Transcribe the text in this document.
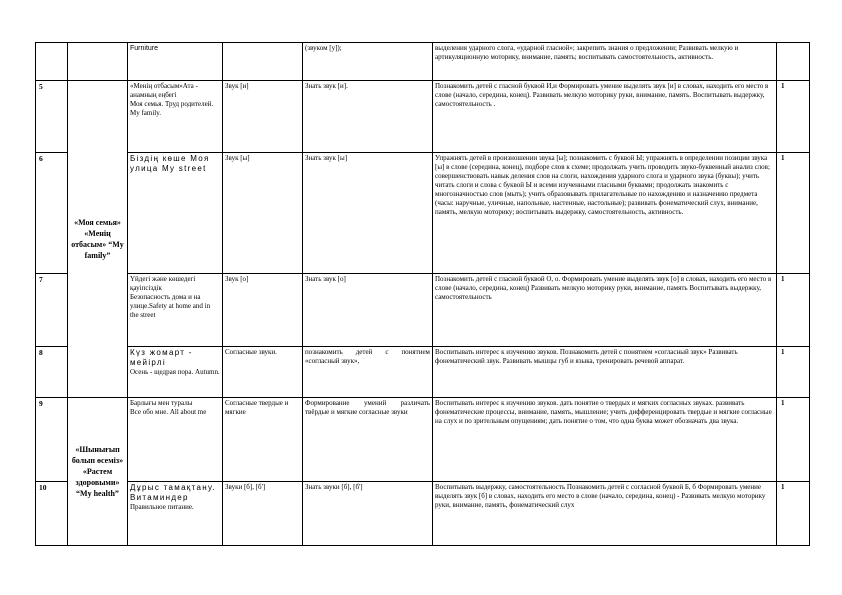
		Furniture		(звуком [у]);	выделения ударного слога, «ударной гласной»; закрепить знания о предложении; Развивать мелкую и артикуляционную моторику, внимание, память; воспитывать самостоятельность, активность.	
5	«Моя семья» «Менің отбасым» “My family”	«Менің отбасым»Ата - анамның еңбегі
Моя семья. Труд родителей. My family.	Звук [и]	Знать звук [и].	Познакомить детей с гласной буквой И,и Формировать умение выделять звук [и] в словах, находить его место в слове (начало, середина, конец). Развивать мелкую моторику руки, внимание, память. Воспитывать выдержку, самостоятельность .	1
6		Біздің көше Моя улица My street	Звук [ы]	Знать звук [ы]	Упражнять детей в произношении звука [ы]; познакомить с буквой Ы; упражнять в определении позиции звука [ы] в слове (середина, конец), подборе слов к схеме; продолжать учить проводить звуко-буквенный анализ слов; совершенствовать навык деления слов на слоги, нахождения ударного слога и ударного звука (буквы); учить читать слоги и слова с буквой Ы и всеми изученными гласными буквами; продолжать знакомить с многозначностью слов (мыть); учить образовывать прилагательные по нахождению и назначению предмета (часы: наручные, уличные, напольные, настенные, настольные); развивать фонематический слух, внимание, память, мелкую моторику; воспитывать выдержку, самостоятельность, активность.	1
7		Үйдегі және көшедегі қауіпсіздік
Безопасность дома и на улице.Safety at home and in the street	Звук [о]	Знать звук [о]	Познакомить детей с гласной буквой О, о. Формировать умение выделять звук [о] в словах, находить его место в слове (начало, середина, конец) Развивать мелкую моторику руки, внимание, память Воспитывать выдержку, самостоятельность	1
8		Күз жомарт - мейірлі
Осень - щедрая пора. Autumn.	Согласные звуки.	познакомить детей с понятием «согласный звук»,	Воспитывать интерес к изучению звуков. Познакомить детей с понятием «согласный звук» Развивать фонематический звук. Развивать мышцы губ и языка, тренировать речевой аппарат.	1
9	«Шынығып болып өсеміз» «Растем здоровыми» “My health”	Барлығы мен туралы
Все обо мне. All about me	Согласные твердые и мягкие	Формирование умений различать твёрдые и мягкие согласные звуки	Воспитывать интерес к изучению звуков. дать понятие о твердых и мягких согласных звуках. развивать фонематические процессы, внимание, память, мышление; учить дифференцировать твердые и мягкие согласные на слух и по зрительным опущениям; дать понятие о том, что одна буква может обозначать два звука.	1
10		Дұрыс тамақтану. Витаминдер
Правильное питание.	Звуки [б], [б']	Знать звуки [б], [б']	Воспитывать выдержку, самостоятельность Познакомить детей с согласной буквой Б, б Формировать умение выделять звук [б] в словах, находить его место в слове (начало, середина, конец) - Развивать мелкую моторику руки, внимание, память, фонематический слух	1
